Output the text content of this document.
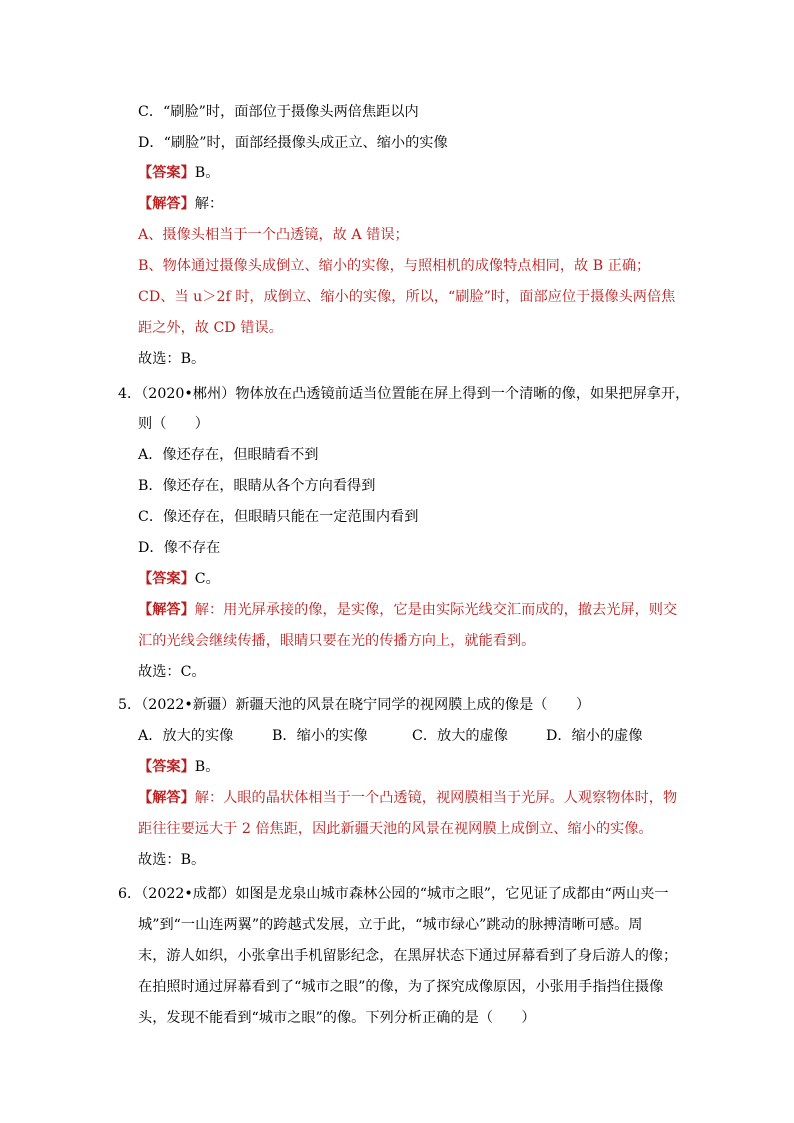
C．“刷脸”时，面部位于摄像头两倍焦距以内
D．“刷脸”时，面部经摄像头成正立、缩小的实像
【答案】B。
【解答】解：
A、摄像头相当于一个凸透镜，故 A 错误；
B、物体通过摄像头成倒立、缩小的实像，与照相机的成像特点相同，故 B 正确；
CD、当 u＞2f 时，成倒立、缩小的实像，所以，“刷脸”时，面部应位于摄像头两倍焦
距之外，故 CD 错误。
故选：B。
4．（2020•郴州）物体放在凸透镜前适当位置能在屏上得到一个清晰的像，如果把屏拿开，
则（　　）
A．像还存在，但眼睛看不到
B．像还存在，眼睛从各个方向看得到
C．像还存在，但眼睛只能在一定范围内看到
D．像不存在
【答案】C。
【解答】解：用光屏承接的像，是实像，它是由实际光线交汇而成的，撤去光屏，则交
汇的光线会继续传播，眼睛只要在光的传播方向上，就能看到。
故选：C。
5．（2022•新疆）新疆天池的风景在晓宁同学的视网膜上成的像是（　　）
A．放大的实像	B．缩小的实像	C．放大的虚像	D．缩小的虚像
【答案】B。
【解答】解：人眼的晶状体相当于一个凸透镜，视网膜相当于光屏。人观察物体时，物
距往往要远大于 2 倍焦距，因此新疆天池的风景在视网膜上成倒立、缩小的实像。
故选：B。
6．（2022•成都）如图是龙泉山城市森林公园的“城市之眼”，它见证了成都由“两山夹一
城”到“一山连两翼”的跨越式发展，立于此，“城市绿心”跳动的脉搏清晰可感。周
末，游人如织，小张拿出手机留影纪念，在黑屏状态下通过屏幕看到了身后游人的像；
在拍照时通过屏幕看到了“城市之眼”的像，为了探究成像原因，小张用手指挡住摄像
头，发现不能看到“城市之眼”的像。下列分析正确的是（　　）
